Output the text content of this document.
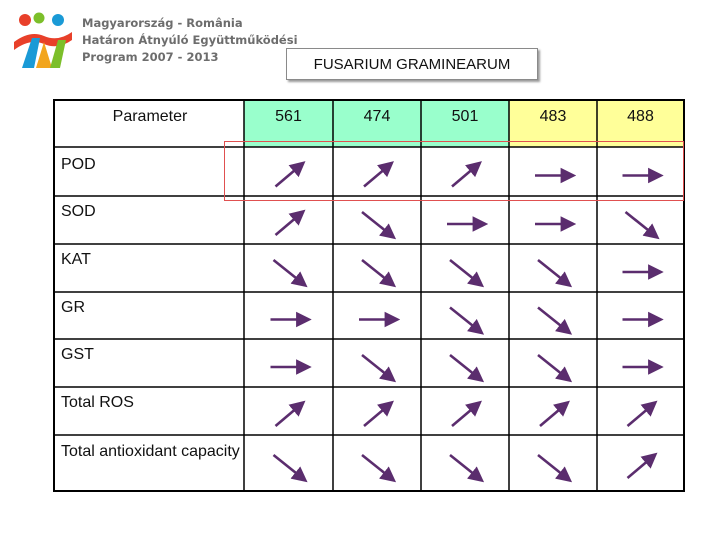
Magyarország - România
Határon Átnyúló Együttműködési
Program 2007 - 2013	FUSARIUM GRAMINEARUM
Parameter	561	474	501	483	488
POD
SOD
KAT
GR
GST
Total ROS
Total antioxidant capacity
